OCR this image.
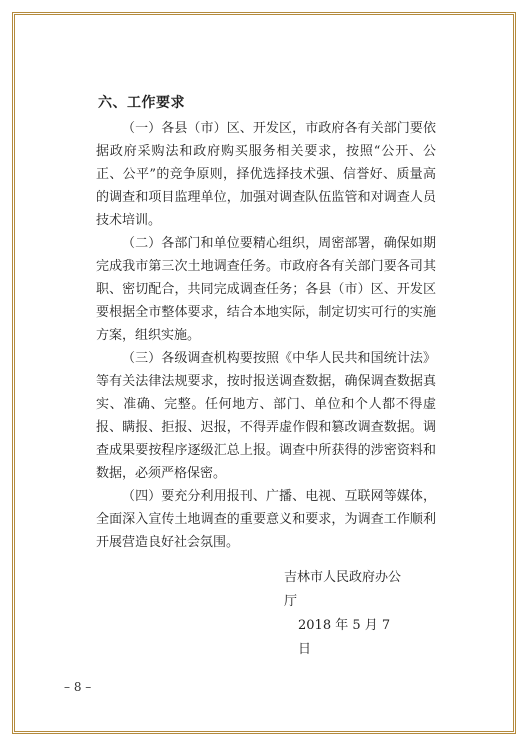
六、工作要求

（一）各县（市）区、开发区，市政府各有关部门要依据政府采购法和政府购买服务相关要求，按照“公开、公正、公平”的竞争原则，择优选择技术强、信誉好、质量高的调查和项目监理单位，加强对调查队伍监管和对调查人员技术培训。

（二）各部门和单位要精心组织，周密部署，确保如期完成我市第三次土地调查任务。市政府各有关部门要各司其职、密切配合，共同完成调查任务；各县（市）区、开发区要根据全市整体要求，结合本地实际，制定切实可行的实施方案，组织实施。

（三）各级调查机构要按照《中华人民共和国统计法》等有关法律法规要求，按时报送调查数据，确保调查数据真实、准确、完整。任何地方、部门、单位和个人都不得虚报、瞒报、拒报、迟报，不得弄虚作假和篡改调查数据。调查成果要按程序逐级汇总上报。调查中所获得的涉密资料和数据，必须严格保密。

（四）要充分利用报刊、广播、电视、互联网等媒体，全面深入宣传土地调查的重要意义和要求，为调查工作顺利开展营造良好社会氛围。

吉林市人民政府办公厅
2018 年 5 月 7 日
– 8 –
